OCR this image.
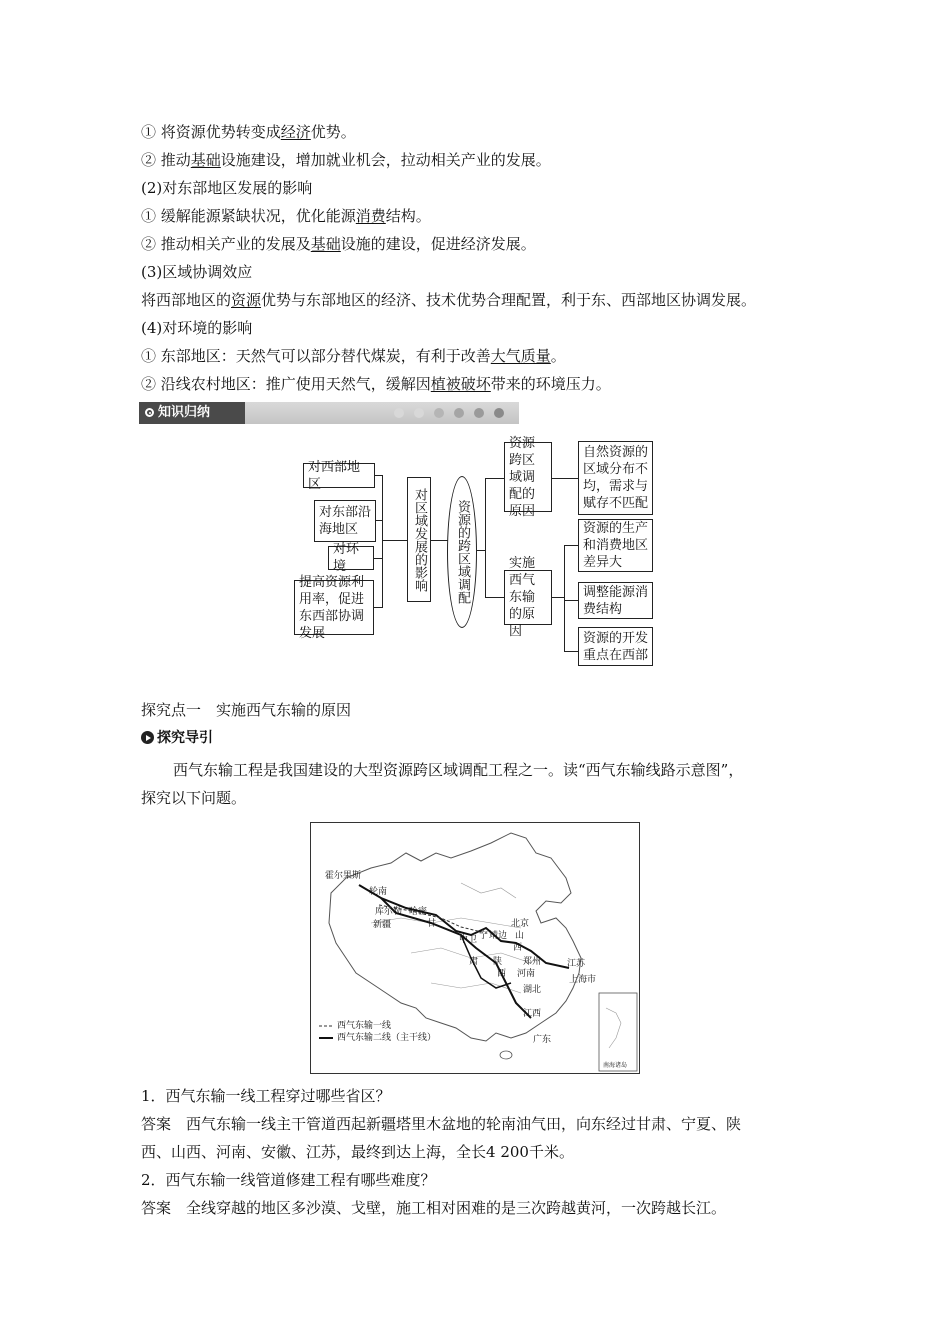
① 将资源优势转变成经济优势。
② 推动基础设施建设，增加就业机会，拉动相关产业的发展。
(2)对东部地区发展的影响
① 缓解能源紧缺状况，优化能源消费结构。
② 推动相关产业的发展及基础设施的建设，促进经济发展。
(3)区域协调效应
将西部地区的资源优势与东部地区的经济、技术优势合理配置，利于东、西部地区协调发展。
(4)对环境的影响
① 东部地区：天然气可以部分替代煤炭，有利于改善大气质量。
② 沿线农村地区：推广使用天然气，缓解因植被破坏带来的环境压力。
知识归纳
对西部地区
对东部沿海地区
对环境
提高资源利用率，促进东西部协调发展
对区域发展的影响	资源的跨区域调配
资源跨区域调配的原因
实施西气东输的原因
自然资源的区域分布不均，需求与赋存不匹配
资源的生产和消费地区差异大
调整能源消费结构
资源的开发重点在西部
探究点一　实施西气东输的原因
探究导引
西气东输工程是我国建设的大型资源跨区域调配工程之一。读“西气东输线路示意图”，
探究以下问题。
霍尔果斯
轮南
库尔勒 哈密
新疆	甘	北京
宁 靖边 山
西
中卫
肃 陕
西
郑州
河南
江苏
上海市
湖北
江西
广东
西气东输一线
西气东输二线（主干线）
南海诸岛
1．西气东输一线工程穿过哪些省区？
答案　西气东输一线主干管道西起新疆塔里木盆地的轮南油气田，向东经过甘肃、宁夏、陕
西、山西、河南、安徽、江苏，最终到达上海，全长4 200千米。
2．西气东输一线管道修建工程有哪些难度？
答案　全线穿越的地区多沙漠、戈壁，施工相对困难的是三次跨越黄河，一次跨越长江。
